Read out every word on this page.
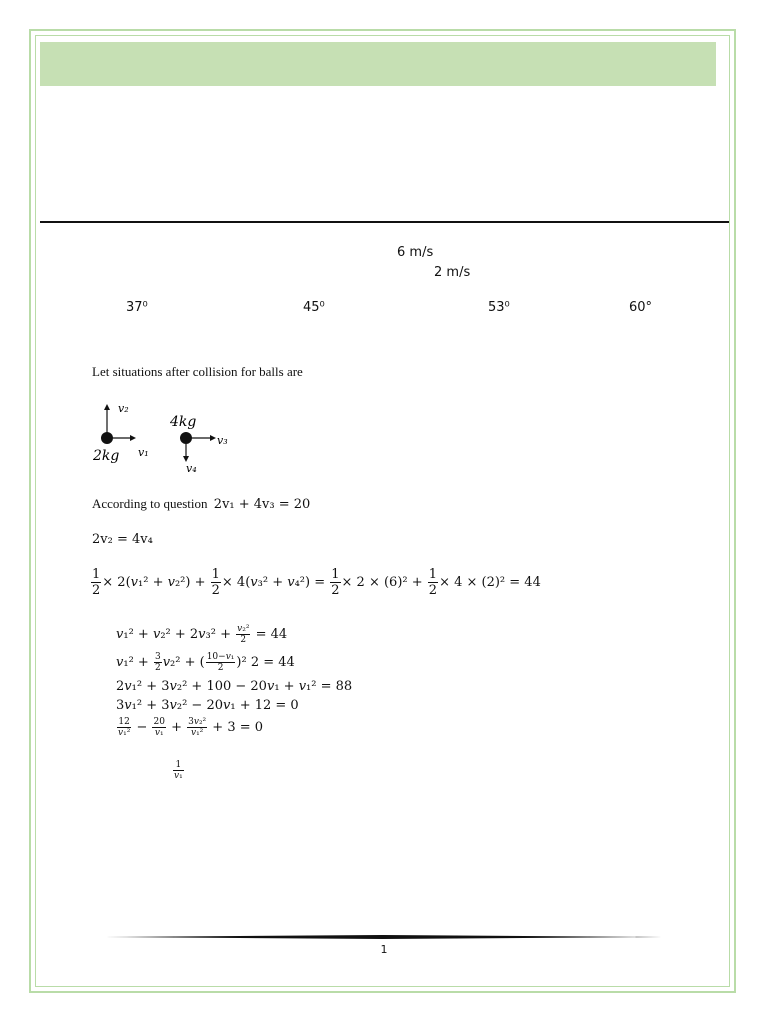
6 m/s
2 m/s
37⁰	45⁰	53⁰	60°
Let situations after collision for balls are
v₂
v₁
2kg
4kg
v₃
v₄
According to question 2v₁ + 4v₃ = 20
2v₂ = 4v₄
$\frac{1}{2} \times 2(v_1^2 + v_2^2) + \frac{1}{2} \times 4(v_3^2 + v_4^2) = \frac{1}{2} \times 2 \times (6)^2 + \frac{1}{2} \times 4 \times (2)^2 = 44$
$v_1^2 + v_2^2 + 2v_3^2 + \frac{\text{v₂²}}{2} = 44$
$v_1^2 + \frac{3}{2} v_2^2$ + ( $\frac{\text{10−v₁}}{2} )^2$ 2 = 44
2v₁² + 3v₂² + 100 − 20v₁ + v₁² = 88
3v₁² + 3v₂² − 20v₁ + 12 = 0
$\frac{12}{\text{v₁²}} - \frac{20}{\text{v₁}} + \frac{\text{3v₂²}}{\text{v₁²}} + 3 = 0$
$\frac{1}{\text{v₁}}$
1
